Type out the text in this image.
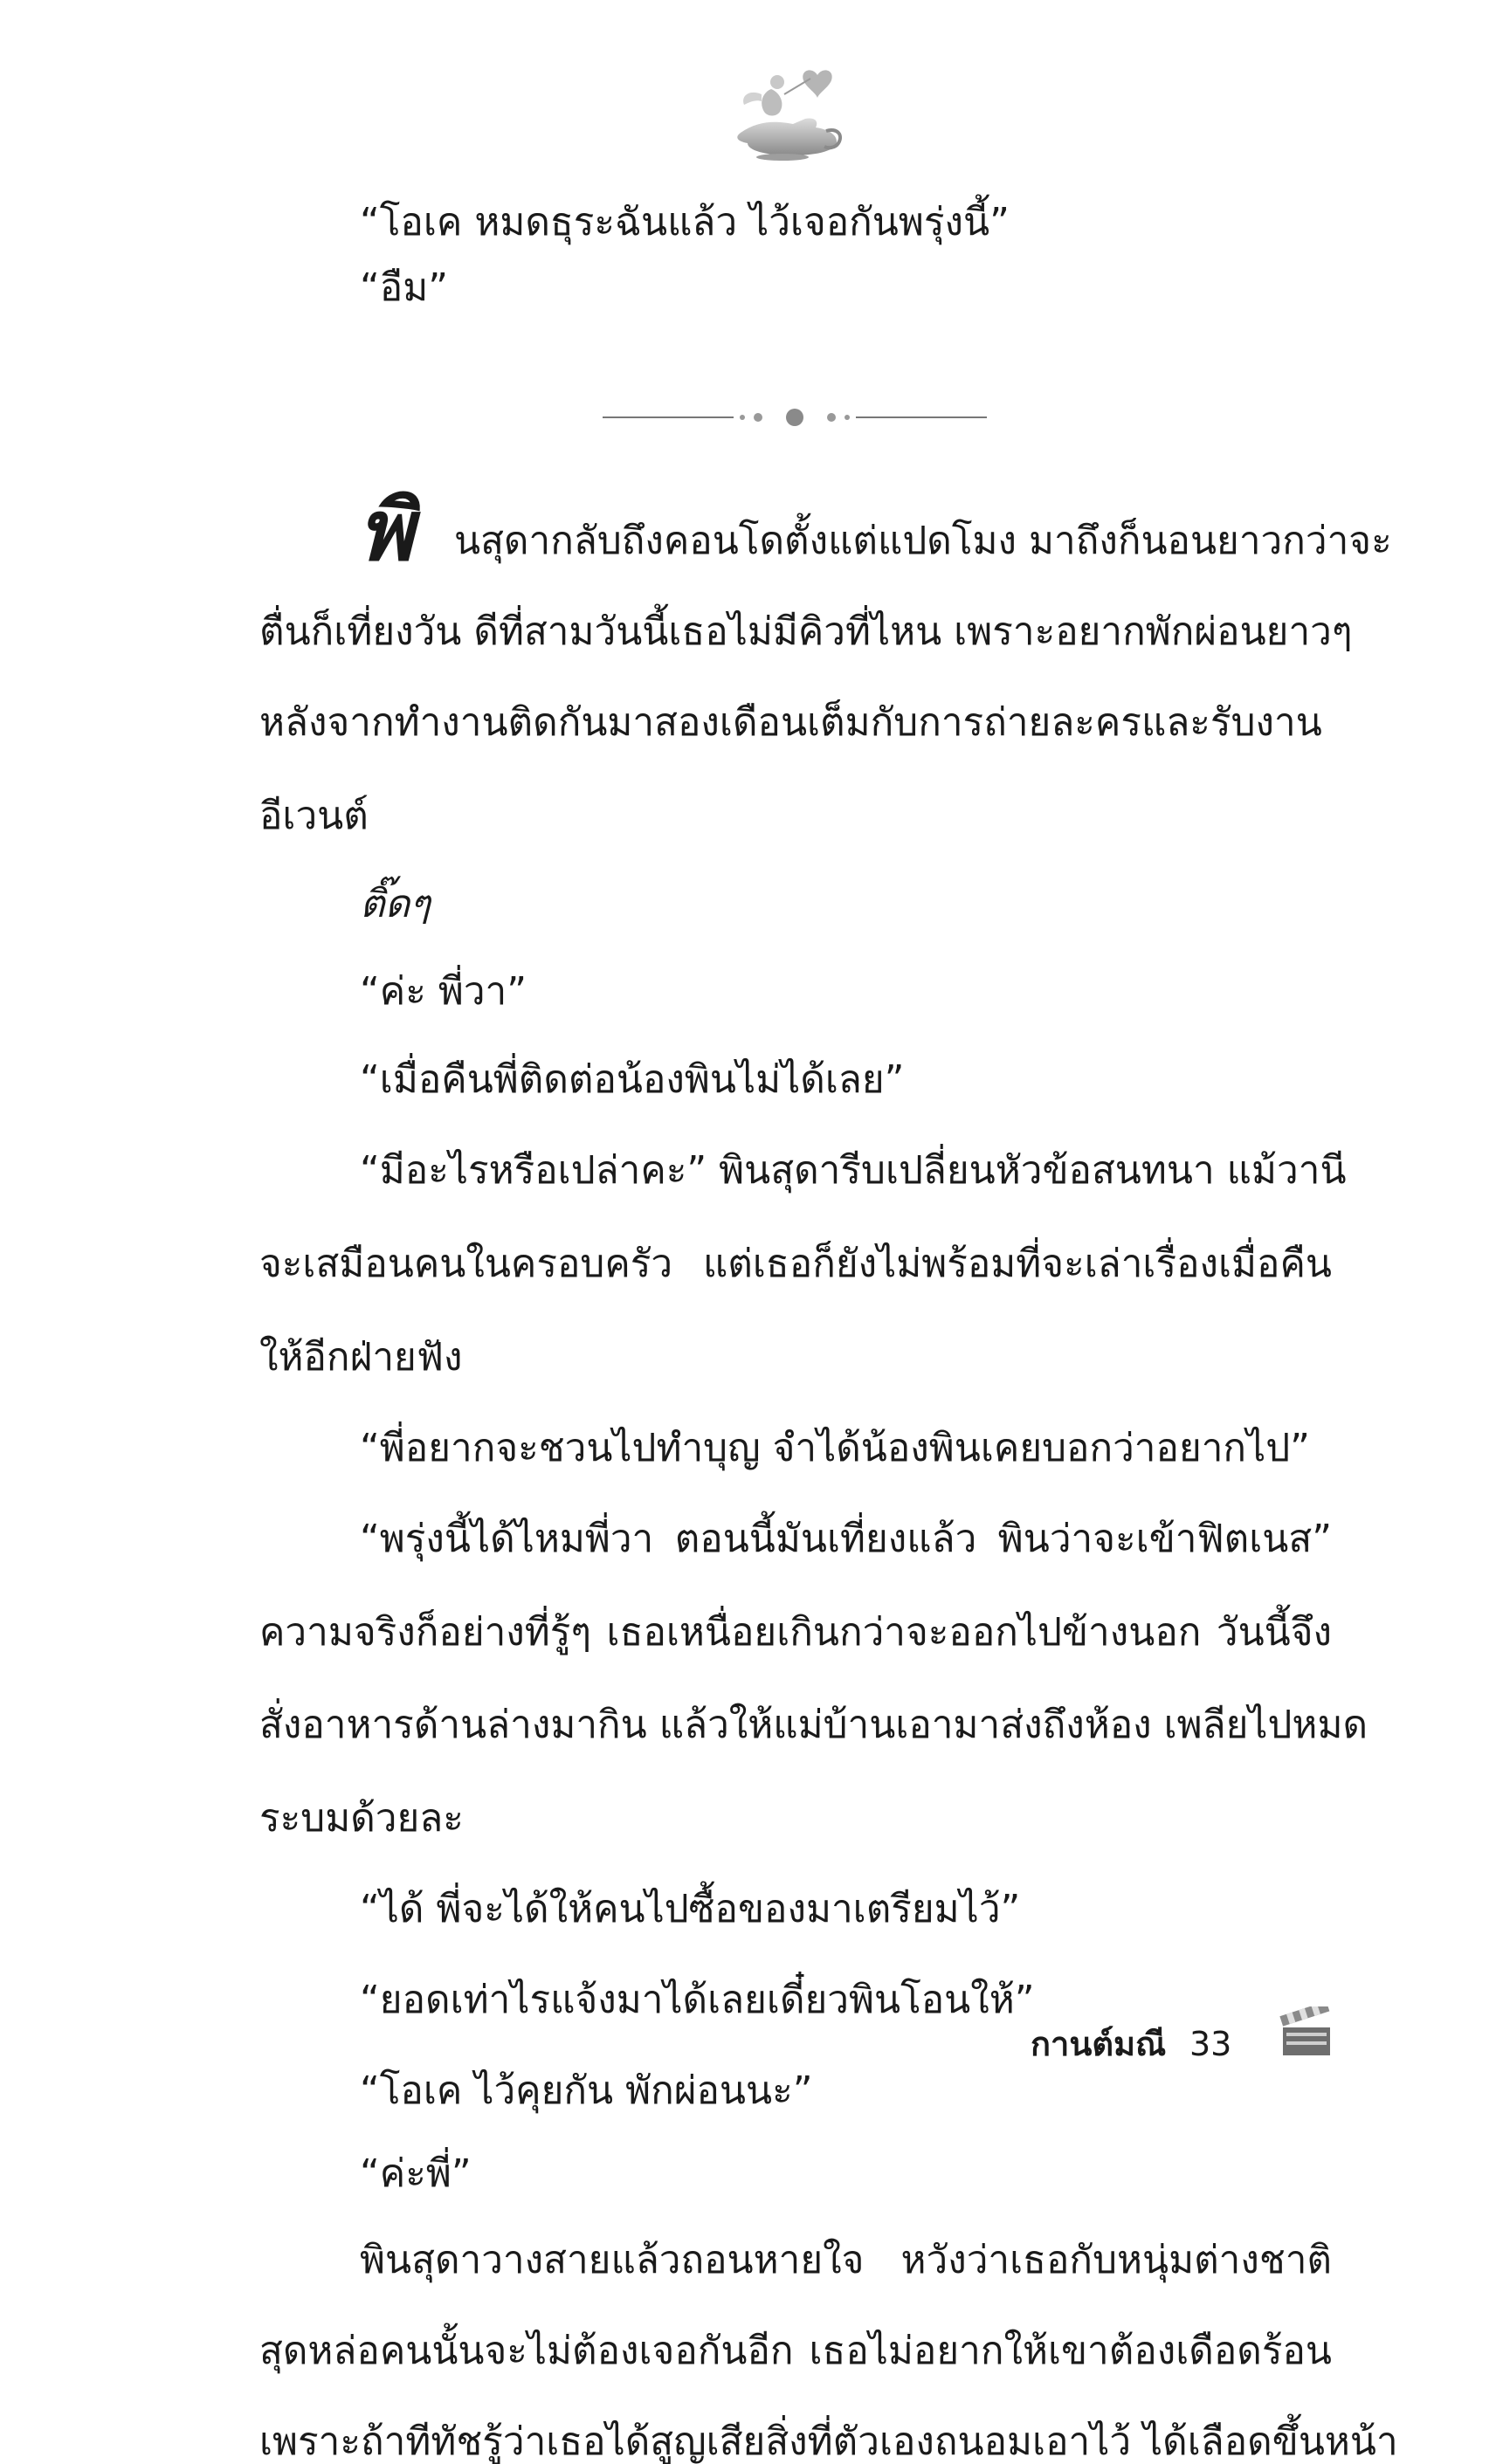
“โอเค หมดธุระฉันแล้ว ไว้เจอกันพรุ่งนี้”
“อืม”
พิ นสุดากลับถึงคอนโดตั้งแต่แปดโมง มาถึงก็นอนยาวกว่าจะ
ตื่นก็เที่ยงวัน ดีที่สามวันนี้เธอไม่มีคิวที่ไหน เพราะอยากพักผ่อนยาวๆ
หลังจากทำงานติดกันมาสองเดือนเต็มกับการถ่ายละครและรับงาน
อีเวนต์
ติ๊ดๆ
“ค่ะ พี่วา”
“เมื่อคืนพี่ติดต่อน้องพินไม่ได้เลย”
“มีอะไรหรือเปล่าคะ” พินสุดารีบเปลี่ยนหัวข้อสนทนา แม้วานี
จะเสมือนคนในครอบครัว แต่เธอก็ยังไม่พร้อมที่จะเล่าเรื่องเมื่อคืน
ให้อีกฝ่ายฟัง
“พี่อยากจะชวนไปทำบุญ จำได้น้องพินเคยบอกว่าอยากไป”
“พรุ่งนี้ได้ไหมพี่วา ตอนนี้มันเที่ยงแล้ว พินว่าจะเข้าฟิตเนส”
ความจริงก็อย่างที่รู้ๆ เธอเหนื่อยเกินกว่าจะออกไปข้างนอก วันนี้จึง
สั่งอาหารด้านล่างมากิน แล้วให้แม่บ้านเอามาส่งถึงห้อง เพลียไปหมด
ระบมด้วยละ
“ได้ พี่จะได้ให้คนไปซื้อของมาเตรียมไว้”
“ยอดเท่าไรแจ้งมาได้เลยเดี๋ยวพินโอนให้”
“โอเค ไว้คุยกัน พักผ่อนนะ”
“ค่ะพี่”
พินสุดาวางสายแล้วถอนหายใจ หวังว่าเธอกับหนุ่มต่างชาติ
สุดหล่อคนนั้นจะไม่ต้องเจอกันอีก เธอไม่อยากให้เขาต้องเดือดร้อน
กานต์มณี 33
เพราะถ้าทีทัชรู้ว่าเธอได้สูญเสียสิ่งที่ตัวเองถนอมเอาไว้ ได้เลือดขึ้นหน้า
